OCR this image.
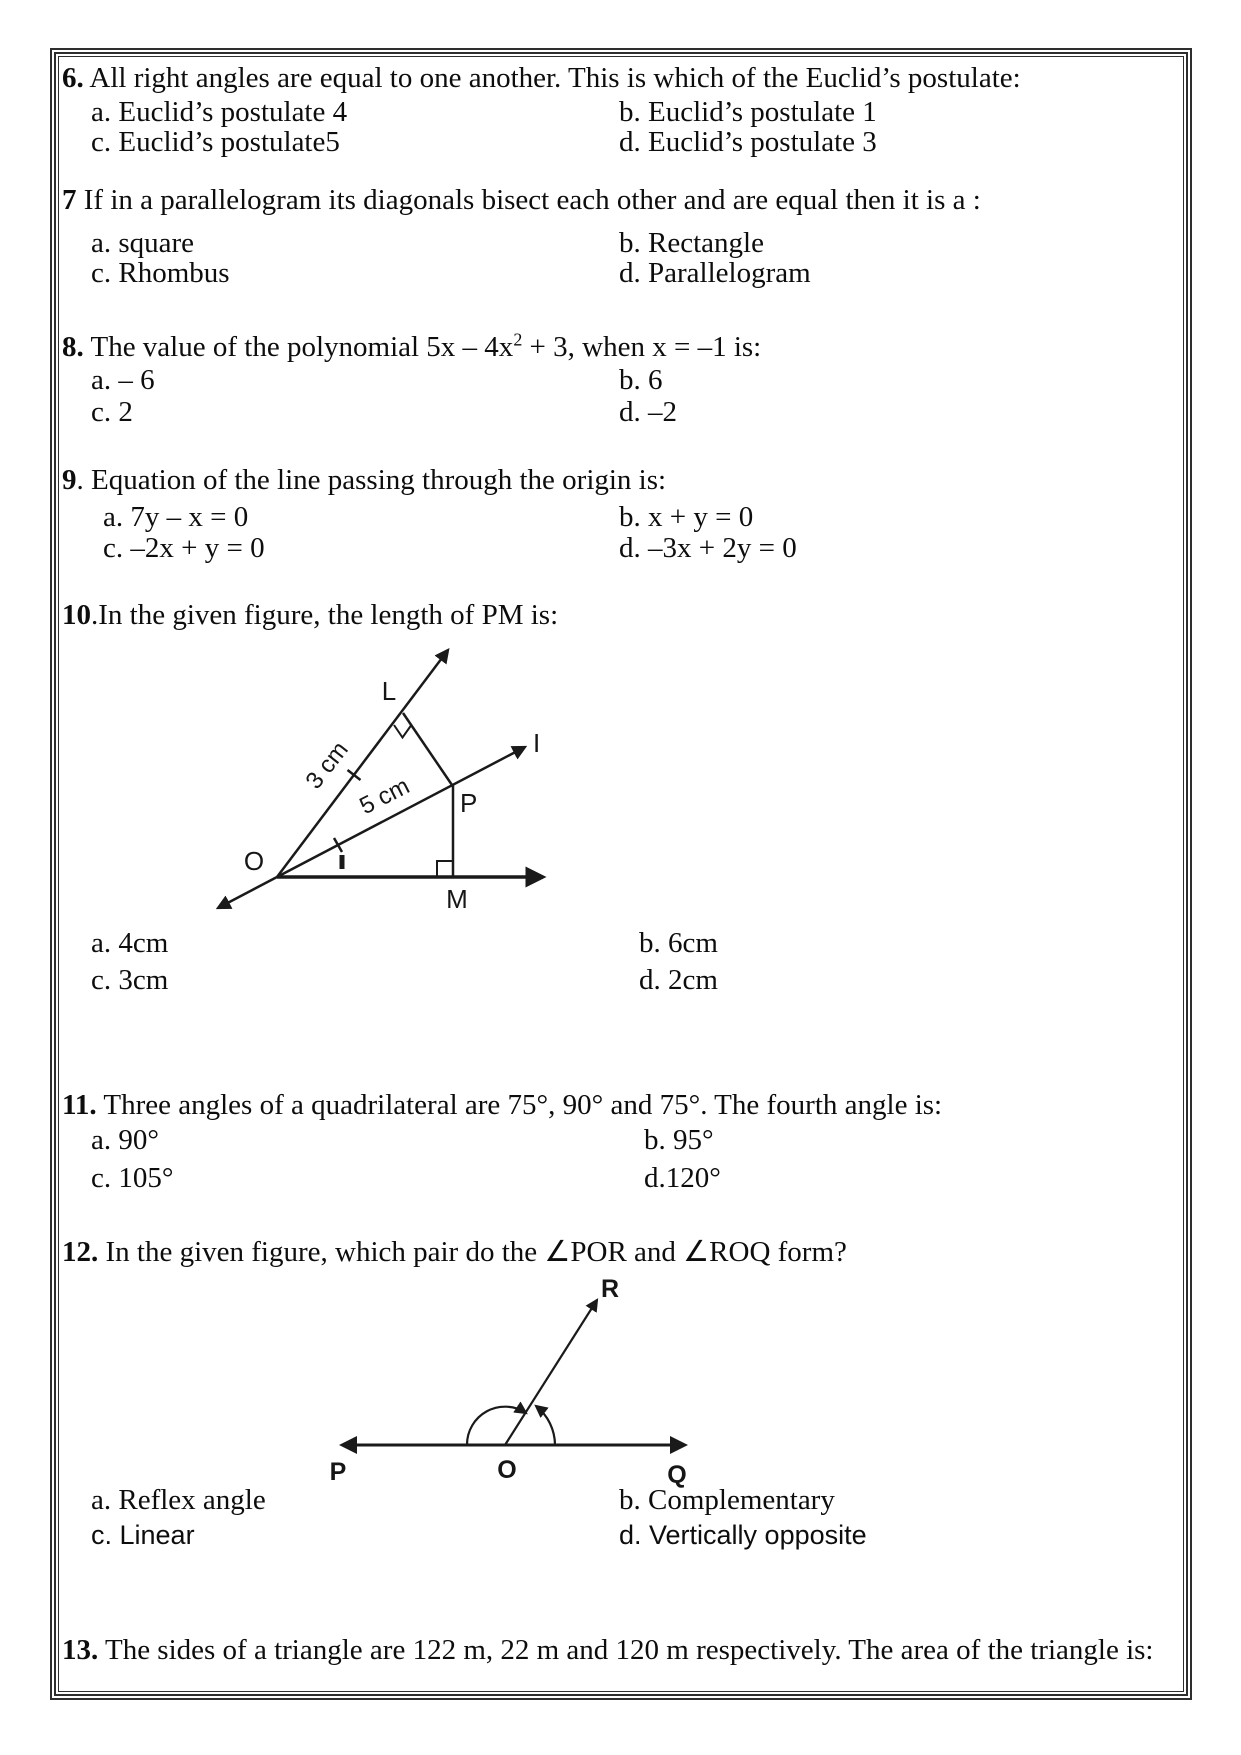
6. All right angles are equal to one another. This is which of the Euclid’s postulate:
a. Euclid’s postulate 4	b. Euclid’s postulate 1
c. Euclid’s postulate5	d. Euclid’s postulate 3
7 If in a parallelogram its diagonals bisect each other and are equal then it is a :
a. square	b. Rectangle
c. Rhombus	d. Parallelogram
8. The value of the polynomial $5x - 4x^2 + 3$, when x = –1 is:
a. – 6	b. 6
c. 2	d. –2
9. Equation of the line passing through the origin is:
a. 7y – x = 0	b. x + y = 0
c. –2x + y = 0	d. –3x + 2y = 0
10.In the given figure, the length of PM is:
L
I
P
O
M
3 cm
5 cm
a. 4cm	b. 6cm
c. 3cm	d. 2cm
11. Three angles of a quadrilateral are 75°, 90° and 75°. The fourth angle is:
a. 90°	b. 95°
c. 105°	d.120°
12. In the given figure, which pair do the ∠POR and ∠ROQ form?
R
P	O	Q
a. Reflex angle	b. Complementary
c. Linear	d. Vertically opposite
13. The sides of a triangle are 122 m, 22 m and 120 m respectively. The area of the triangle is:
